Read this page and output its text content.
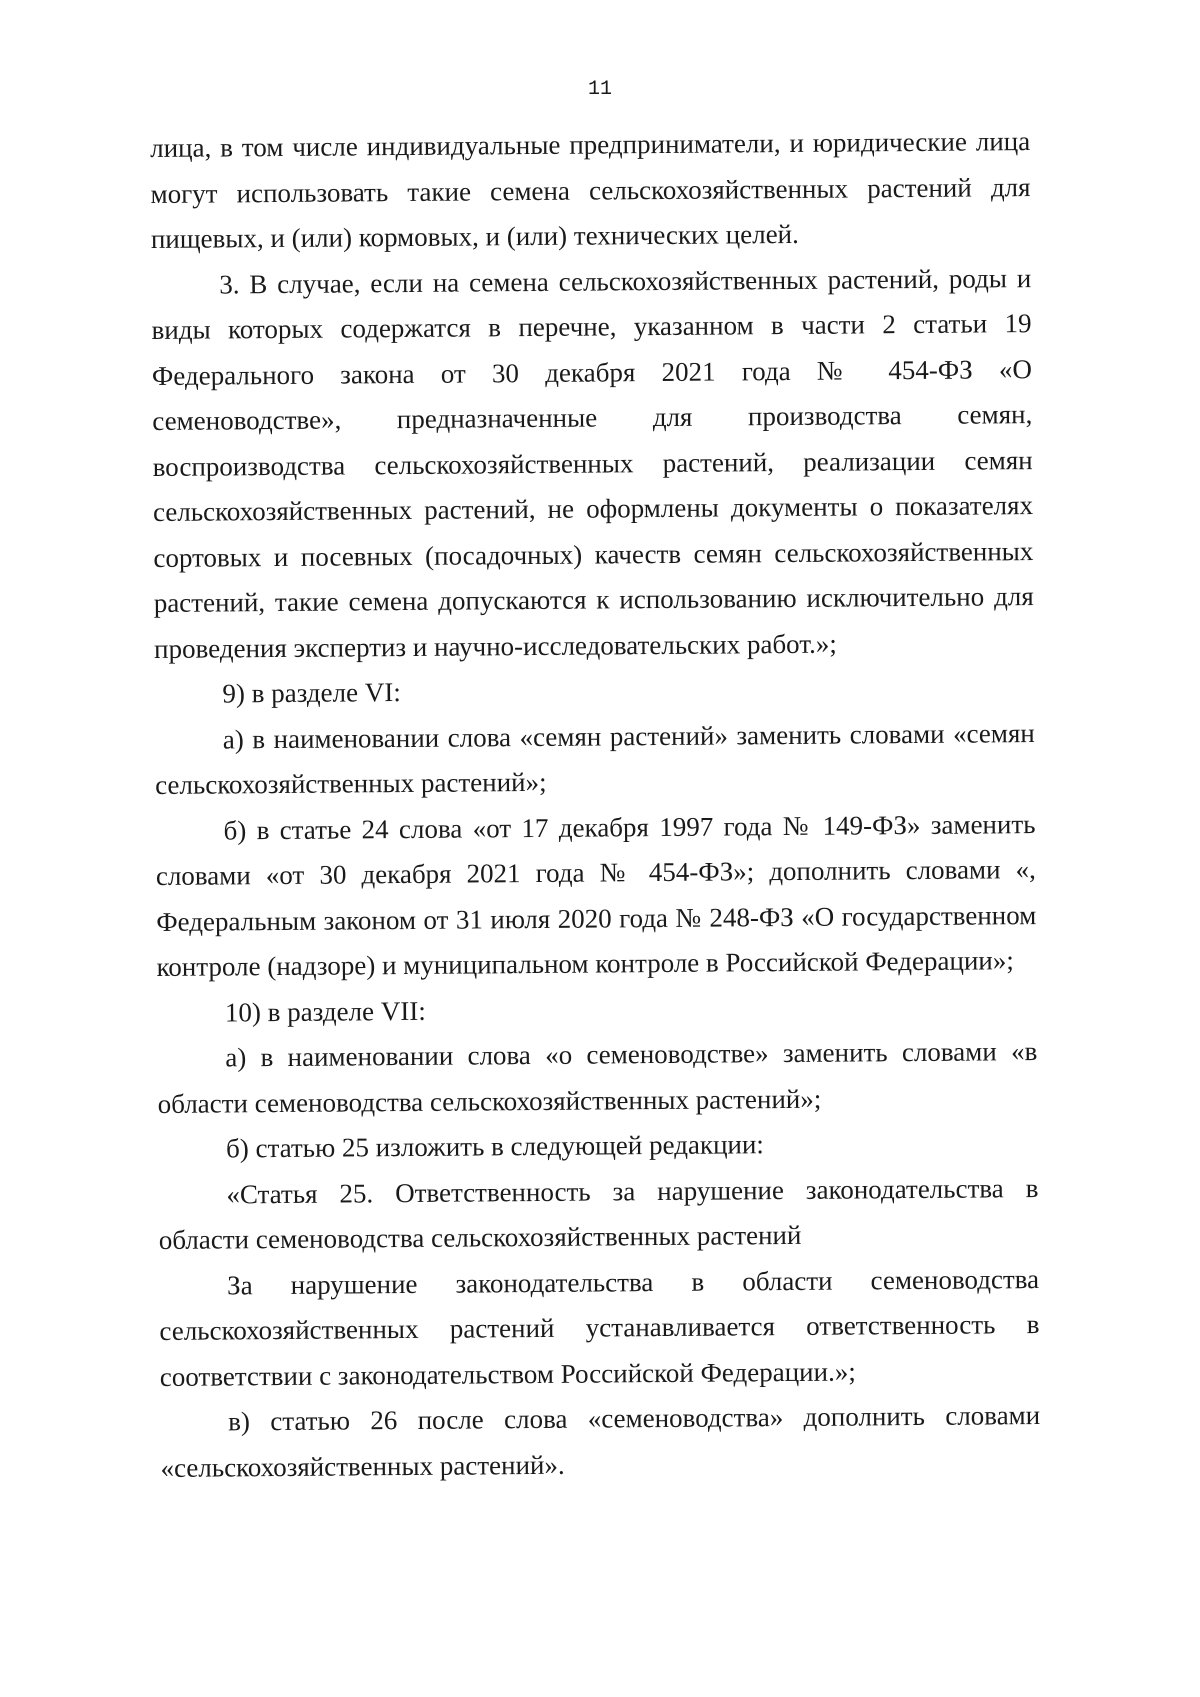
11

лица, в том числе индивидуальные предприниматели, и юридические лица могут использовать такие семена сельскохозяйственных растений для пищевых, и (или) кормовых, и (или) технических целей.

3. В случае, если на семена сельскохозяйственных растений, роды и виды которых содержатся в перечне, указанном в части 2 статьи 19 Федерального закона от 30 декабря 2021 года № 454-ФЗ «О семеноводстве», предназначенные для производства семян, воспроизводства сельскохозяйственных растений, реализации семян сельскохозяйственных растений, не оформлены документы о показателях сортовых и посевных (посадочных) качеств семян сельскохозяйственных растений, такие семена допускаются к использованию исключительно для проведения экспертиз и научно-исследовательских работ.»;

9) в разделе VI:

а) в наименовании слова «семян растений» заменить словами «семян сельскохозяйственных растений»;

б) в статье 24 слова «от 17 декабря 1997 года № 149-ФЗ» заменить словами «от 30 декабря 2021 года № 454-ФЗ»; дополнить словами «, Федеральным законом от 31 июля 2020 года № 248-ФЗ «О государственном контроле (надзоре) и муниципальном контроле в Российской Федерации»;

10) в разделе VII:

а) в наименовании слова «о семеноводстве» заменить словами «в области семеноводства сельскохозяйственных растений»;

б) статью 25 изложить в следующей редакции:

«Статья 25. Ответственность за нарушение законодательства в области семеноводства сельскохозяйственных растений

За нарушение законодательства в области семеноводства сельскохозяйственных растений устанавливается ответственность в соответствии с законодательством Российской Федерации.»;

в) статью 26 после слова «семеноводства» дополнить словами «сельскохозяйственных растений».
